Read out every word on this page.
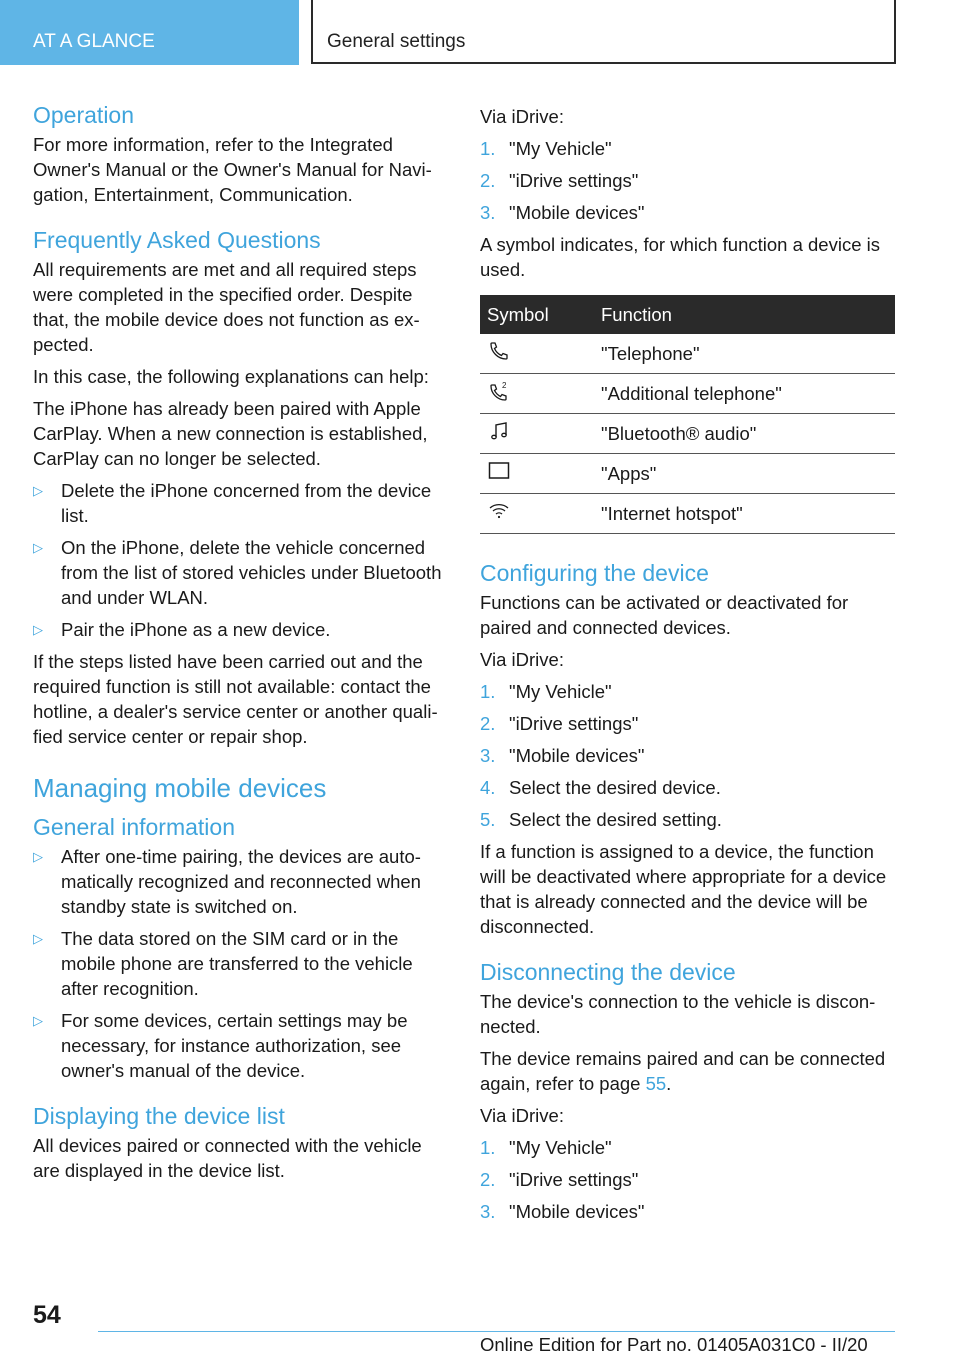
AT A GLANCE	General settings
Operation

For more information, refer to the Integrated Owner's Manual or the Owner's Manual for Navigation, Entertainment, Communication.

Frequently Asked Questions

All requirements are met and all required steps were completed in the specified order. Despite that, the mobile device does not function as expected.

In this case, the following explanations can help:

The iPhone has already been paired with Apple CarPlay. When a new connection is established, CarPlay can no longer be selected.

▷ Delete the iPhone concerned from the device list.
▷ On the iPhone, delete the vehicle concerned from the list of stored vehicles under Bluetooth and under WLAN.
▷ Pair the iPhone as a new device.

If the steps listed have been carried out and the required function is still not available: contact the hotline, a dealer's service center or another qualified service center or repair shop.

Managing mobile devices
General information
▷ After one-time pairing, the devices are automatically recognized and reconnected when standby state is switched on.
▷ The data stored on the SIM card or in the mobile phone are transferred to the vehicle after recognition.
▷ For some devices, certain settings may be necessary, for instance authorization, see owner's manual of the device.
Displaying the device list

All devices paired or connected with the vehicle are displayed in the device list.

Via iDrive:

1. "My Vehicle"
2. "iDrive settings"
3. "Mobile devices"

A symbol indicates, for which function a device is used.

Symbol	Function
	"Telephone"

2	"Additional telephone"
	"Bluetooth® audio"
	"Apps"
	"Internet hotspot"
Configuring the device

Functions can be activated or deactivated for paired and connected devices.

Via iDrive:

1. "My Vehicle"
2. "iDrive settings"
3. "Mobile devices"
4. Select the desired device.
5. Select the desired setting.

If a function is assigned to a device, the function will be deactivated where appropriate for a device that is already connected and the device will be disconnected.

Disconnecting the device

The device's connection to the vehicle is disconnected.

The device remains paired and can be connected again, refer to page 55.

Via iDrive:

1. "My Vehicle"
2. "iDrive settings"
3. "Mobile devices"
54
Online Edition for Part no. 01405A031C0 - II/20
